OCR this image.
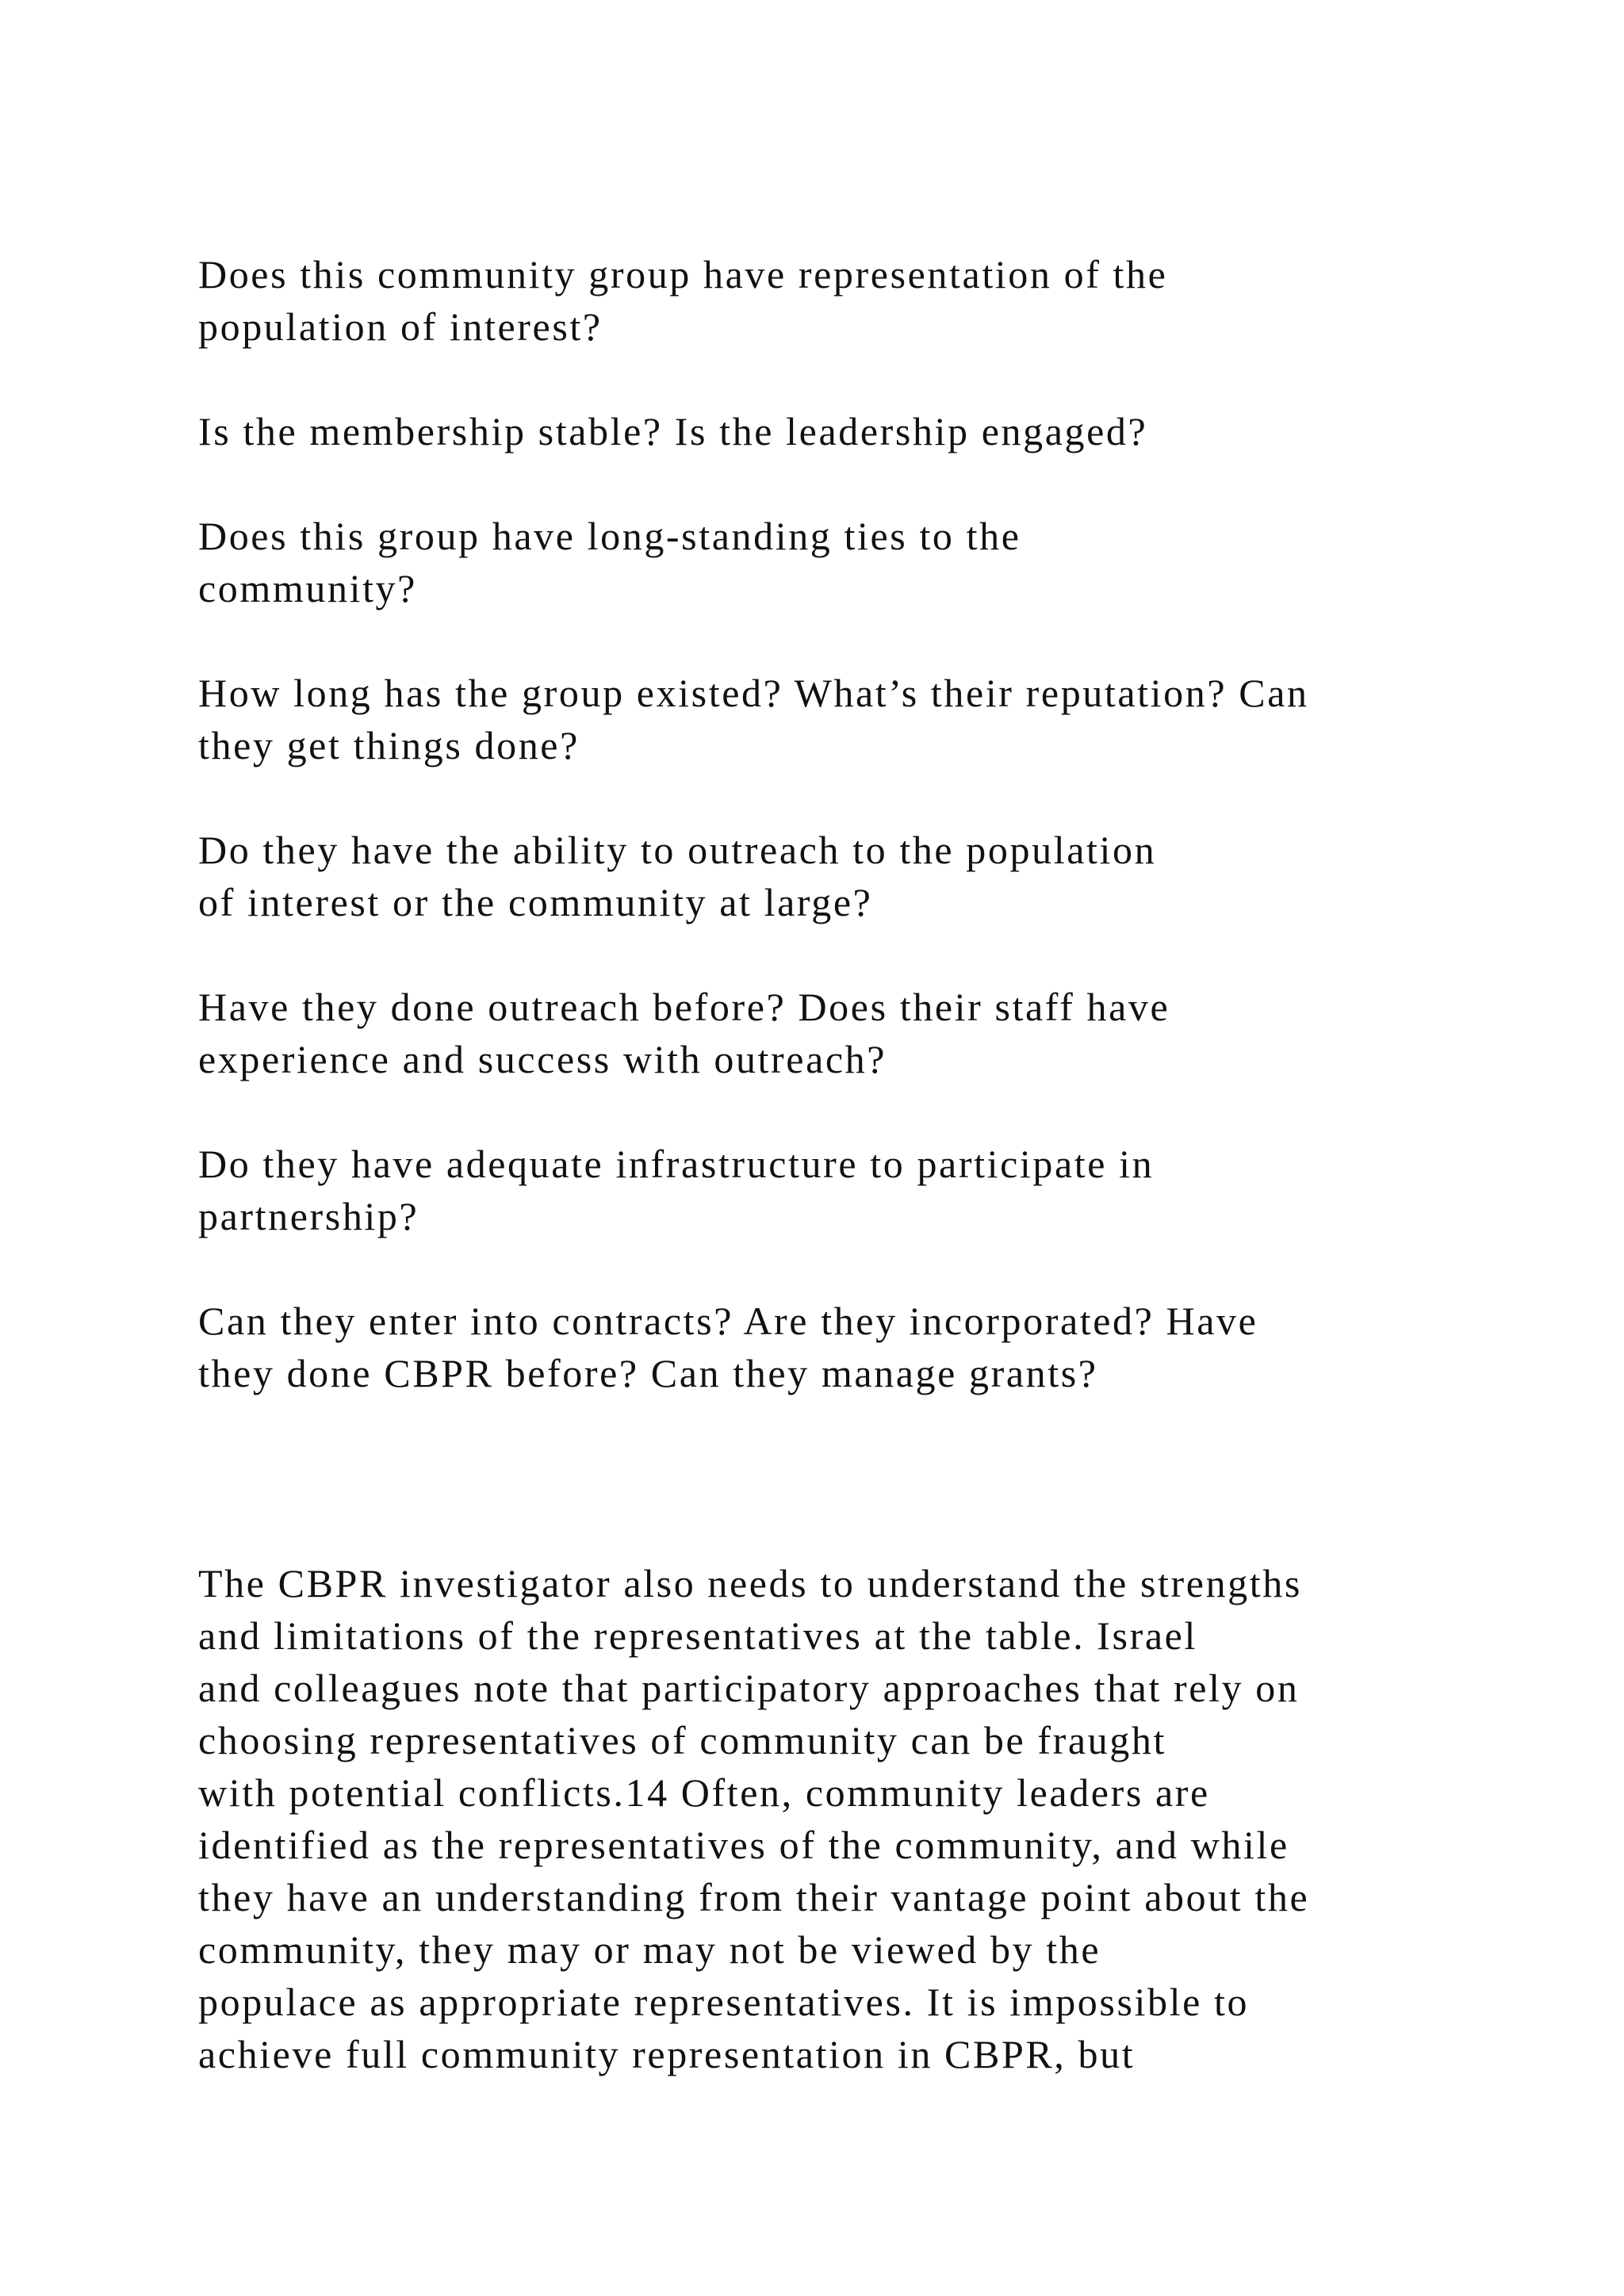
Does this community group have representation of the
population of interest?
Is the membership stable? Is the leadership engaged?
Does this group have long-standing ties to the
community?
How long has the group existed? What’s their reputation? Can
they get things done?
Do they have the ability to outreach to the population
of interest or the community at large?
Have they done outreach before? Does their staff have
experience and success with outreach?
Do they have adequate infrastructure to participate in
partnership?
Can they enter into contracts? Are they incorporated? Have
they done CBPR before? Can they manage grants?
The CBPR investigator also needs to understand the strengths
and limitations of the representatives at the table. Israel
and colleagues note that participatory approaches that rely on
choosing representatives of community can be fraught
with potential conflicts.14 Often, community leaders are
identified as the representatives of the community, and while
they have an understanding from their vantage point about the
community, they may or may not be viewed by the
populace as appropriate representatives. It is impossible to
achieve full community representation in CBPR, but
